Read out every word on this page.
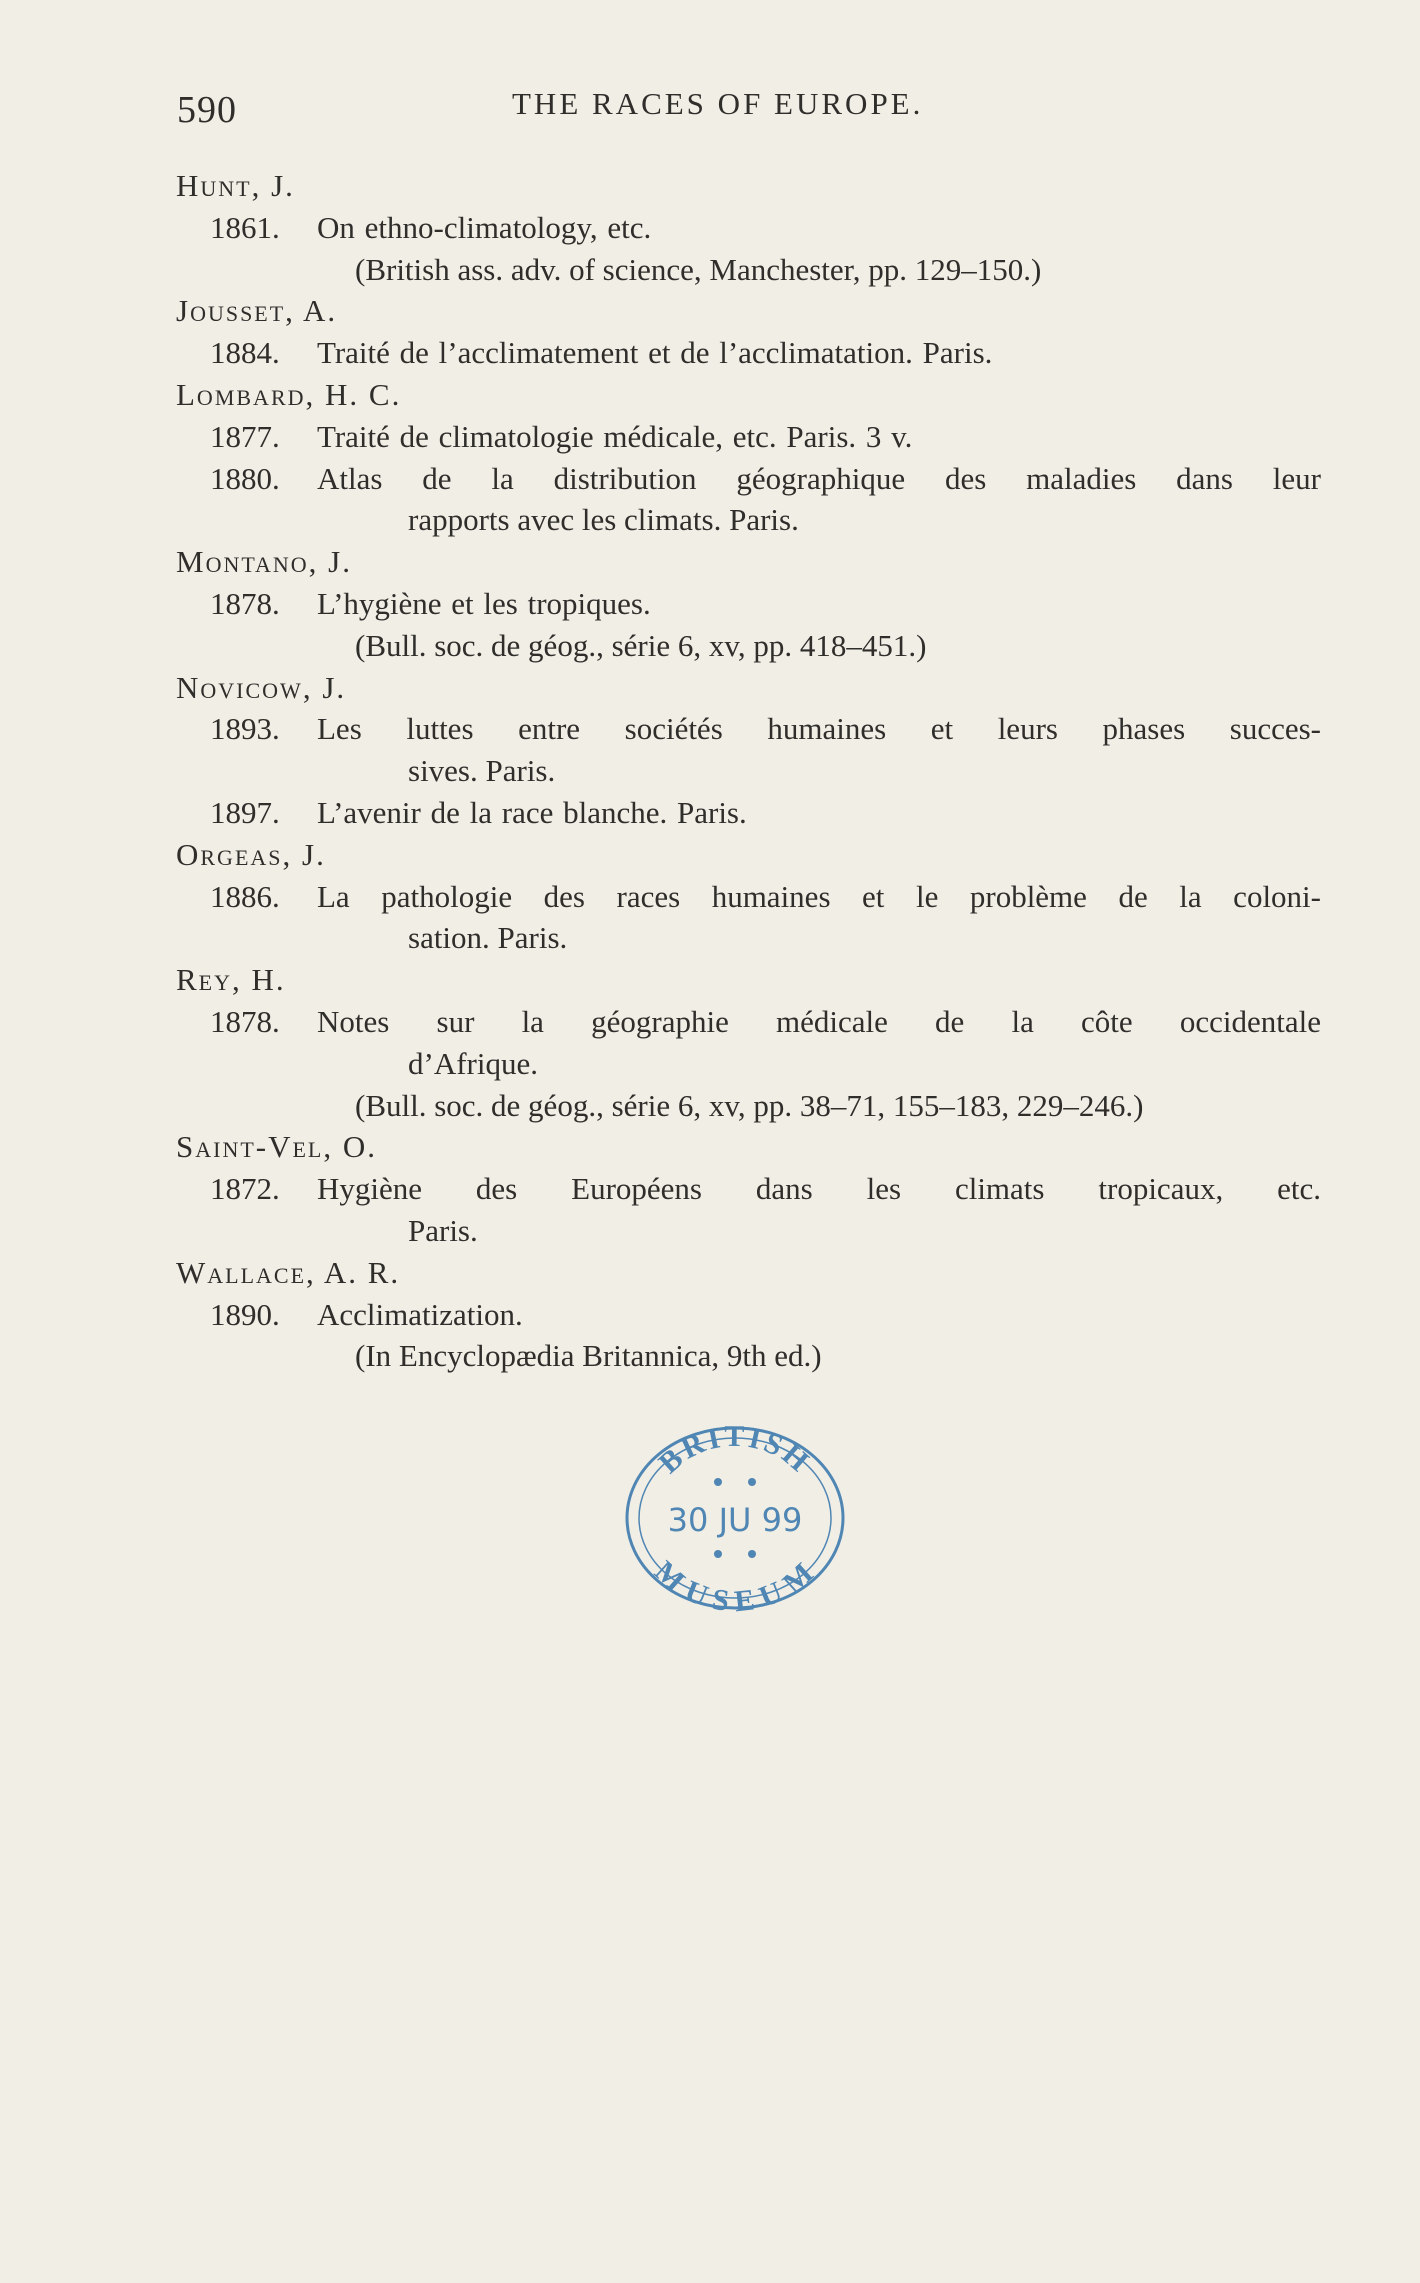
590	THE RACES OF EUROPE.
Hunt, J.
1861. On ethno-climatology, etc.
(British ass. adv. of science, Manchester, pp. 129–150.)
Jousset, A.
1884. Traité de l’acclimatement et de l’acclimatation. Paris.
Lombard, H. C.
1877. Traité de climatologie médicale, etc. Paris. 3 v.
1880. Atlas de la distribution géographique des maladies dans leur
rapports avec les climats. Paris.
Montano, J.
1878. L’hygiène et les tropiques.
(Bull. soc. de géog., série 6, xv, pp. 418–451.)
Novicow, J.
1893. Les luttes entre sociétés humaines et leurs phases succes-
sives. Paris.
1897. L’avenir de la race blanche. Paris.
Orgeas, J.
1886. La pathologie des races humaines et le problème de la coloni-
sation. Paris.
Rey, H.
1878. Notes sur la géographie médicale de la côte occidentale
d’Afrique.
(Bull. soc. de géog., série 6, xv, pp. 38–71, 155–183, 229–246.)
Saint-Vel, O.
1872. Hygiène des Européens dans les climats tropicaux, etc.
Paris.
Wallace, A. R.
1890. Acclimatization.
(In Encyclopædia Britannica, 9th ed.)
BRITISH
30 JU 99
MUSEUM
